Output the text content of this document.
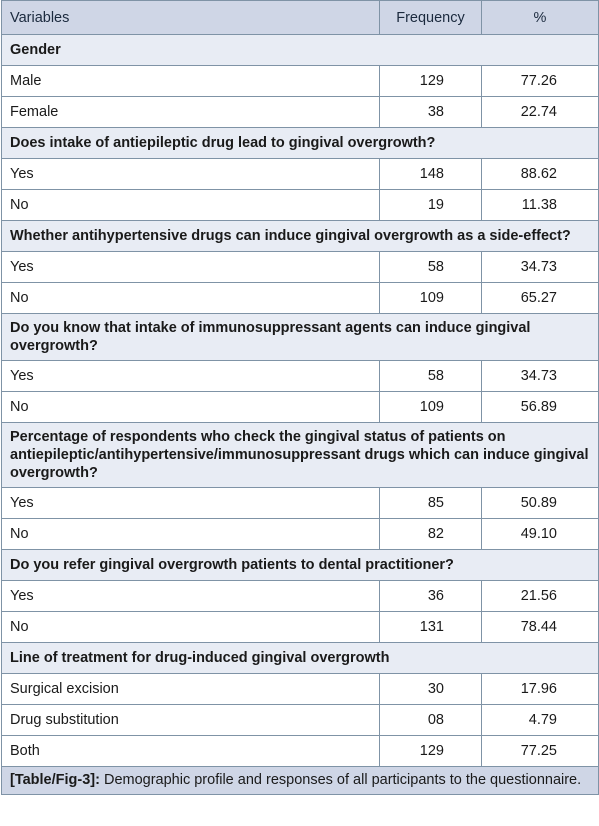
Variables	Frequency	%
Gender		
Male	129	77.26
Female	38	22.74
Does intake of antiepileptic drug lead to gingival overgrowth?		
Yes	148	88.62
No	19	11.38
Whether antihypertensive drugs can induce gingival overgrowth as a side-effect?		
Yes	58	34.73
No	109	65.27
Do you know that intake of immunosuppressant agents can induce gingival overgrowth?		
Yes	58	34.73
No	109	56.89
Percentage of respondents who check the gingival status of patients on antiepileptic/antihypertensive/immunosuppressant drugs which can induce gingival overgrowth?		
Yes	85	50.89
No	82	49.10
Do you refer gingival overgrowth patients to dental practitioner?		
Yes	36	21.56
No	131	78.44
Line of treatment for drug-induced gingival overgrowth		
Surgical excision	30	17.96
Drug substitution	08	4.79
Both	129	77.25
[Table/Fig-3]: Demographic profile and responses of all participants to the questionnaire.		
